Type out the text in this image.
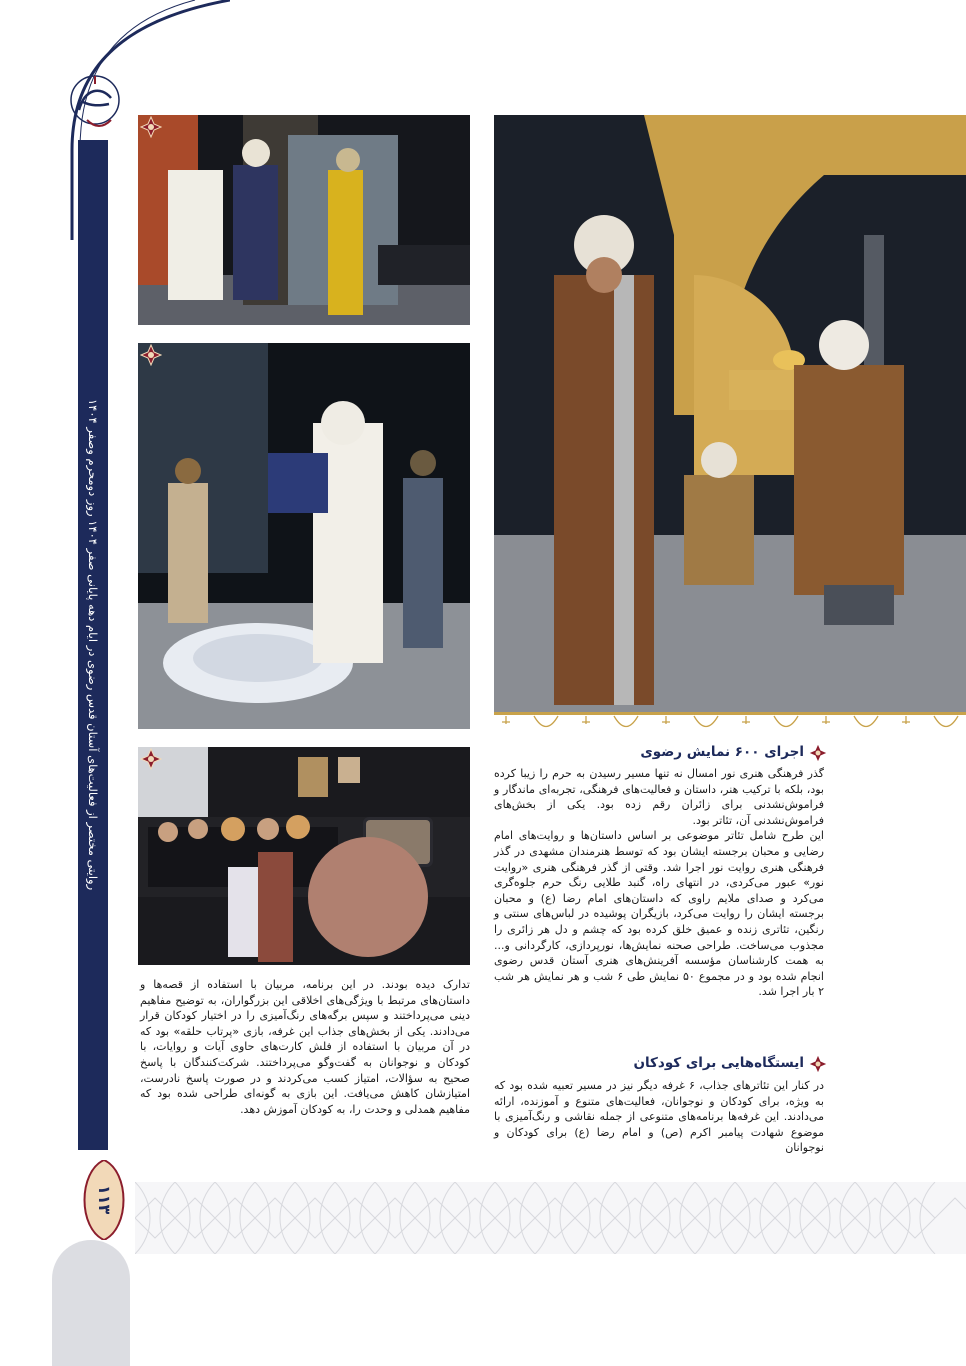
روایتی مختصر از فعالیت‌های آستان قدس رضوی در ایام دهه پایانی صفر ۱۴۰۴ روز دومحرم وصفر ۱۴۰۴
۱۱۳
اجرای ۶۰۰ نمایش رضوی

گذر فرهنگی هنری نور امسال نه تنها مسیر رسیدن به حرم را زیبا کرده بود، بلکه با ترکیب هنر، داستان و فعالیت‌های فرهنگی، تجربه‌ای ماندگار و فراموش‌نشدنی برای زائران رقم زده بود. یکی از بخش‌های فراموش‌نشدنی آن، تئاتر بود.

این طرح شامل تئاتر موضوعی بر اساس داستان‌ها و روایت‌های امام رضایی و محبان برجسته ایشان بود که توسط هنرمندان مشهدی در گذر فرهنگی هنری روایت نور اجرا شد. وقتی از گذر فرهنگی هنری «روایت نور» عبور می‌کردی، در انتهای راه، گنبد طلایی رنگ حرم جلوه‌گری می‌کرد و صدای ملایم راوی که داستان‌های امام رضا (ع) و محبان برجسته ایشان را روایت می‌کرد، بازیگران پوشیده در لباس‌های سنتی و رنگین، تئاتری زنده و عمیق خلق کرده بود که چشم و دل هر زائری را مجذوب می‌ساخت. طراحی صحنه نمایش‌ها، نورپردازی، کارگردانی و... به همت کارشناسان مؤسسه آفرینش‌های هنری آستان قدس رضوی انجام شده بود و در مجموع ۵۰ نمایش طی ۶ شب و هر نمایش هر شب ۲ بار اجرا شد.

ایستگاه‌هایی برای کودکان
در کنار این تئاترهای جذاب، ۶ غرفه دیگر نیز در مسیر تعبیه شده بود که به ویژه، برای کودکان و نوجوانان، فعالیت‌های متنوع و آموزنده، ارائه می‌دادند. این غرفه‌ها برنامه‌های متنوعی از جمله نقاشی و رنگ‌آمیزی با موضوع شهادت پیامبر اکرم (ص) و امام رضا (ع) برای کودکان و نوجوانان
تدارک دیده بودند. در این برنامه، مربیان با استفاده از قصه‌ها و داستان‌های مرتبط با ویژگی‌های اخلاقی این بزرگواران، به توضیح مفاهیم دینی می‌پرداختند و سپس برگه‌های رنگ‌آمیزی را در اختیار کودکان قرار می‌دادند. یکی از بخش‌های جذاب این غرفه، بازی «پرتاب حلقه» بود که در آن مربیان با استفاده از فلش کارت‌های حاوی آیات و روایات، با کودکان و نوجوانان به گفت‌وگو می‌پرداختند. شرکت‌کنندگان با پاسخ صحیح به سؤالات، امتیاز کسب می‌کردند و در صورت پاسخ نادرست، امتیازشان کاهش می‌یافت. این بازی به گونه‌ای طراحی شده بود که مفاهیم همدلی و وحدت را، به کودکان آموزش دهد.
